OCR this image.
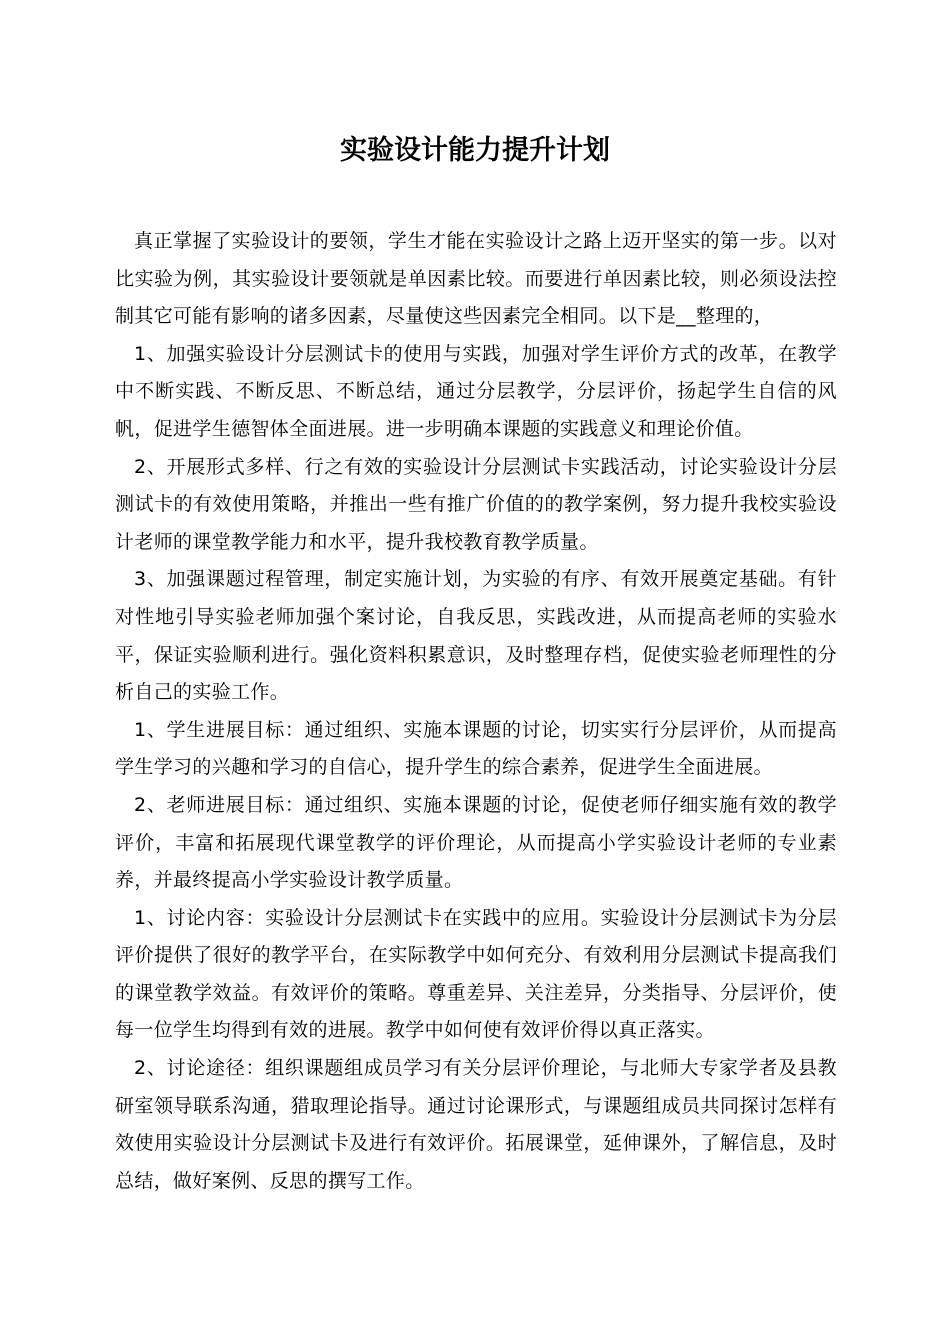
实验设计能力提升计划

真正掌握了实验设计的要领，学生才能在实验设计之路上迈开坚实的第一步。以对比实验为例，其实验设计要领就是单因素比较。而要进行单因素比较，则必须设法控制其它可能有影响的诸多因素，尽量使这些因素完全相同。以下是__整理的，

1、加强实验设计分层测试卡的使用与实践，加强对学生评价方式的改革，在教学中不断实践、不断反思、不断总结，通过分层教学，分层评价，扬起学生自信的风帆，促进学生德智体全面进展。进一步明确本课题的实践意义和理论价值。

2、开展形式多样、行之有效的实验设计分层测试卡实践活动，讨论实验设计分层测试卡的有效使用策略，并推出一些有推广价值的的教学案例，努力提升我校实验设计老师的课堂教学能力和水平，提升我校教育教学质量。

3、加强课题过程管理，制定实施计划，为实验的有序、有效开展奠定基础。有针对性地引导实验老师加强个案讨论，自我反思，实践改进，从而提高老师的实验水平，保证实验顺利进行。强化资料积累意识，及时整理存档，促使实验老师理性的分析自己的实验工作。

1、学生进展目标：通过组织、实施本课题的讨论，切实实行分层评价，从而提高学生学习的兴趣和学习的自信心，提升学生的综合素养，促进学生全面进展。

2、老师进展目标：通过组织、实施本课题的讨论，促使老师仔细实施有效的教学评价，丰富和拓展现代课堂教学的评价理论，从而提高小学实验设计老师的专业素养，并最终提高小学实验设计教学质量。

1、讨论内容：实验设计分层测试卡在实践中的应用。实验设计分层测试卡为分层评价提供了很好的教学平台，在实际教学中如何充分、有效利用分层测试卡提高我们的课堂教学效益。有效评价的策略。尊重差异、关注差异，分类指导、分层评价，使每一位学生均得到有效的进展。教学中如何使有效评价得以真正落实。

2、讨论途径：组织课题组成员学习有关分层评价理论，与北师大专家学者及县教研室领导联系沟通，猎取理论指导。通过讨论课形式，与课题组成员共同探讨怎样有效使用实验设计分层测试卡及进行有效评价。拓展课堂，延伸课外，了解信息，及时总结，做好案例、反思的撰写工作。
